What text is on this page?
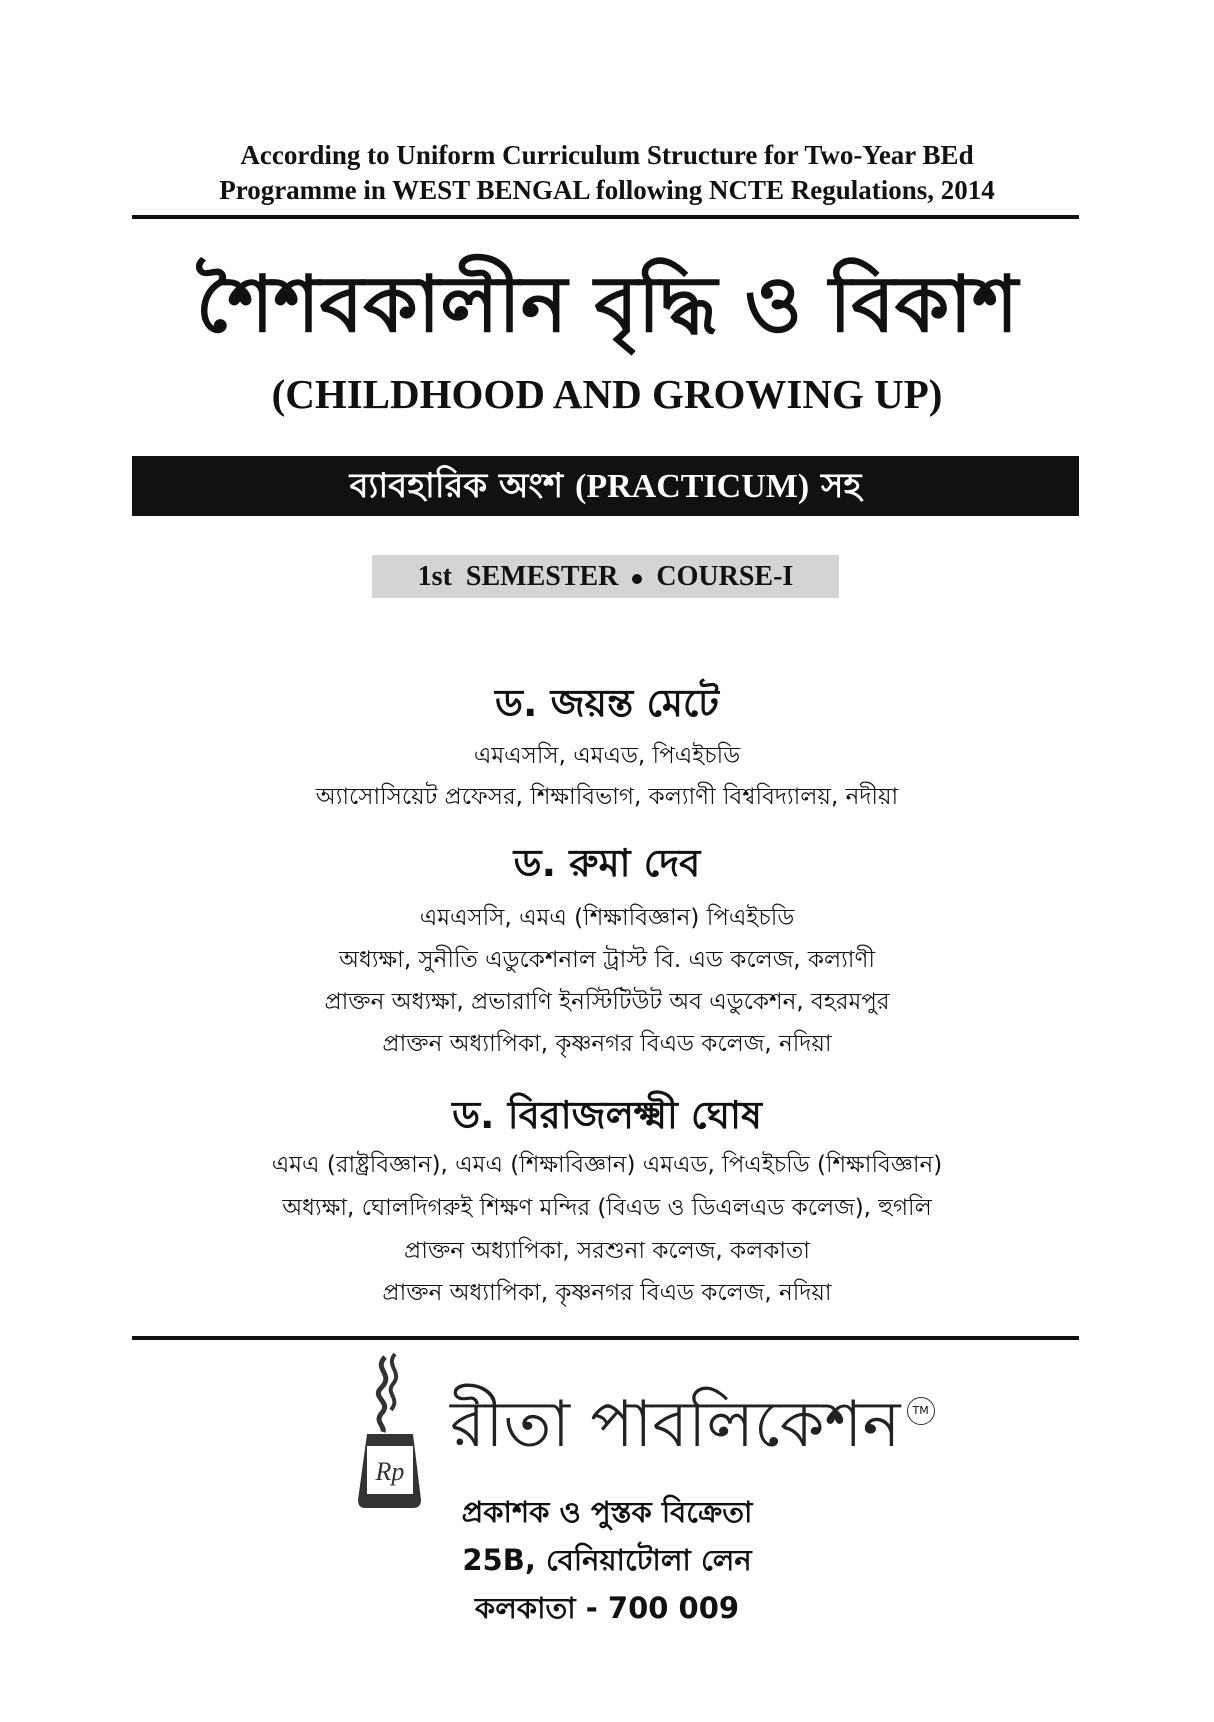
According to Uniform Curriculum Structure for Two-Year BEd
Programme in WEST BENGAL following NCTE Regulations, 2014
শৈশবকালীন বৃদ্ধি ও বিকাশ
(CHILDHOOD AND GROWING UP)
ব্যাবহারিক অংশ (PRACTICUM) সহ
1st  SEMESTER COURSE-I
ড. জয়ন্ত মেটে
এমএসসি, এমএড, পিএইচডি
অ্যাসোসিয়েট প্রফেসর, শিক্ষাবিভাগ, কল্যাণী বিশ্ববিদ্যালয়, নদীয়া
ড. রুমা দেব
এমএসসি, এমএ (শিক্ষাবিজ্ঞান) পিএইচডি
অধ্যক্ষা, সুনীতি এডুকেশনাল ট্রাস্ট বি. এড কলেজ, কল্যাণী
প্রাক্তন অধ্যক্ষা, প্রভারাণি ইনস্টিটিউট অব এডুকেশন, বহরমপুর
প্রাক্তন অধ্যাপিকা, কৃষ্ণনগর বিএড কলেজ, নদিয়া
ড. বিরাজলক্ষ্মী ঘোষ
এমএ (রাষ্ট্রবিজ্ঞান), এমএ (শিক্ষাবিজ্ঞান) এমএড, পিএইচডি (শিক্ষাবিজ্ঞান)
অধ্যক্ষা, ঘোলদিগরুই শিক্ষণ মন্দির (বিএড ও ডিএলএড কলেজ), হুগলি
প্রাক্তন অধ্যাপিকা, সরশুনা কলেজ, কলকাতা
প্রাক্তন অধ্যাপিকা, কৃষ্ণনগর বিএড কলেজ, নদিয়া
Rp
রীতা পাবলিকেশন	TM
প্রকাশক ও পুস্তক বিক্রেতা
25B, বেনিয়াটোলা লেন
কলকাতা - 700 009
